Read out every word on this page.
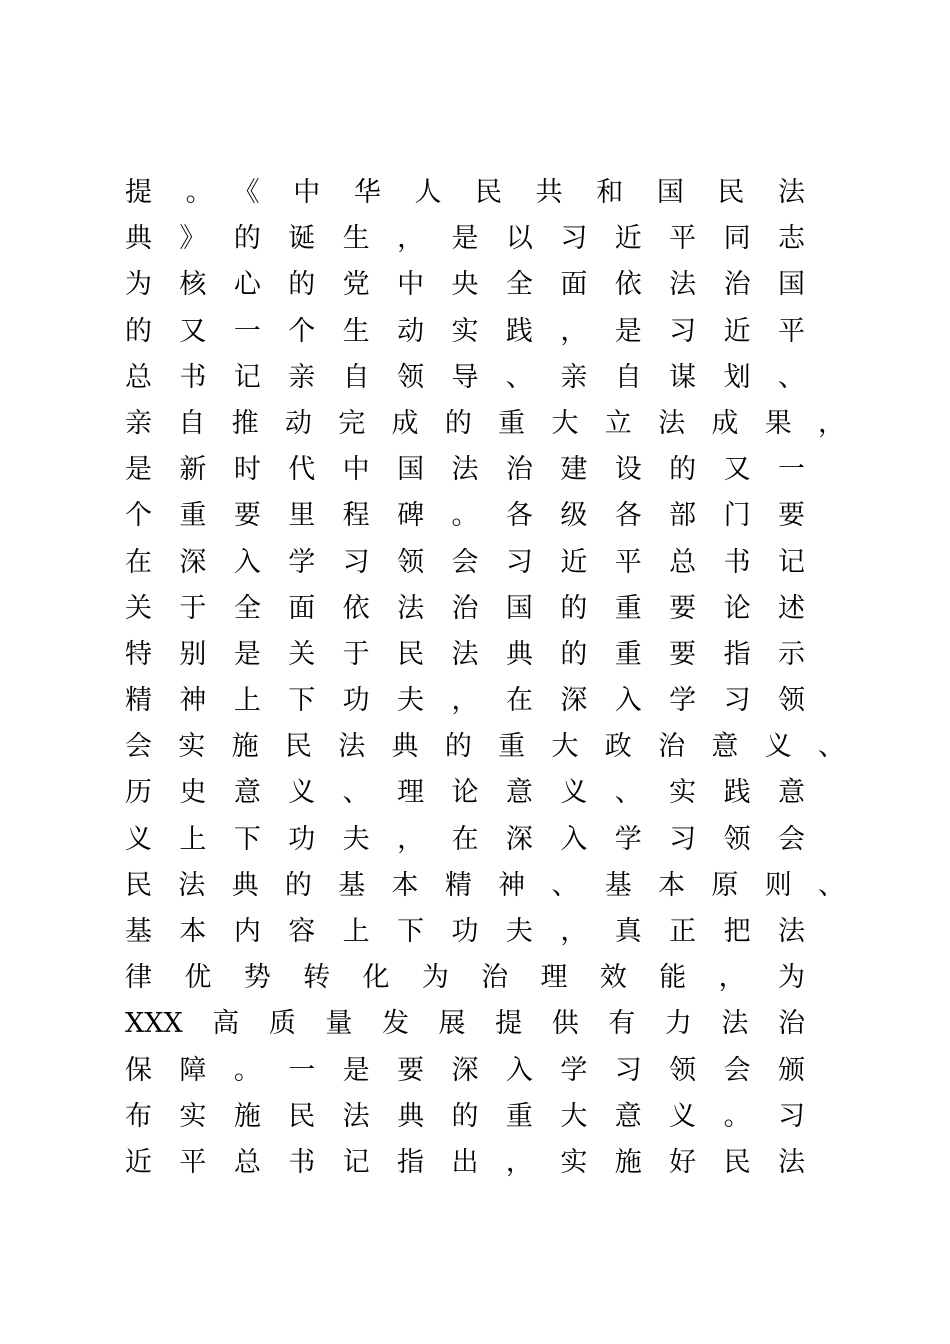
提。《中华人民共和国民法
典》的诞生，是以习近平同志
为核心的党中央全面依法治国
的又一个生动实践，是习近平
总书记亲自领导、亲自谋划、
亲自推动完成的重大立法成果，
是新时代中国法治建设的又一
个重要里程碑。各级各部门要
在深入学习领会习近平总书记
关于全面依法治国的重要论述
特别是关于民法典的重要指示
精神上下功夫，在深入学习领
会实施民法典的重大政治意义、
历史意义、理论意义、实践意
义上下功夫，在深入学习领会
民法典的基本精神、基本原则、
基本内容上下功夫，真正把法
律优势转化为治理效能，为
XXX高质量发展提供有力法治
保障。一是要深入学习领会颁
布实施民法典的重大意义。习
近平总书记指出，实施好民法
